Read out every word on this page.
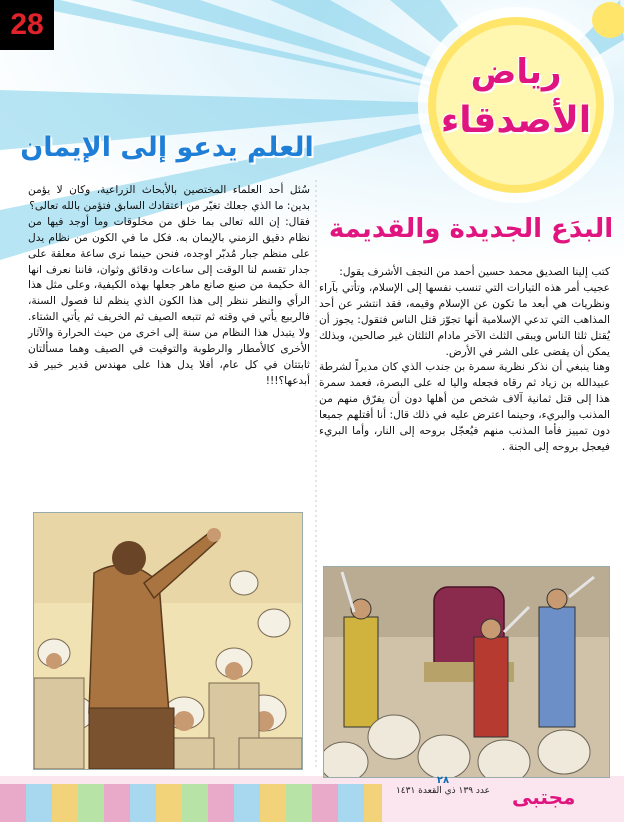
28
رياض
الأصدقاء
العلم يدعو إلى الإيمان
البدَع الجديدة والقديمة

سُئل أحد العلماء المختصين بالأبحاث الزراعية، وكان لا يؤمن بدين: ما الذي جعلك تغيّر من اعتقادك السابق فتؤمن بالله تعالى؟

فقال: إن الله تعالى بما خلق من مخلوقات وما أوجد فيها من نظام دقيق الزمني بالإيمان به. فكل ما في الكون من نظام يدل على منظم جبار مُدبّر اوجده، فنحن حينما نرى ساعة معلقة على جدار تقسم لنا الوقت إلى ساعات ودقائق وثوان، فاننا نعرف انها الة حكيمة من صنع صانع ماهر جعلها بهذه الكيفية، وعلى مثل هذا الرأي والنظر ننظر إلى هذا الكون الذي ينظم لنا فصول السنة، فالربيع يأتي في وقته ثم تتبعه الصيف ثم الخريف ثم يأتي الشتاء. ولا يتبدل هذا النظام من سنة إلى اخرى من حيث الحرارة والآثار الأخرى كالأمطار والرطوبة والتوقيت في الصيف وهما مسألتان ثابتتان في كل عام، أفلا يدل هذا على مهندس قدير خبير قد أبدعها؟!!!

كتب إلينا الصديق محمد حسين أحمد من النجف الأشرف يقول:

عجيب أمر هذه التيارات التي تنسب نفسها إلى الإسلام، وتأتي بآراء ونظريات هي أبعد ما تكون عن الإسلام وقيمه، فقد انتشر عن أحد المذاهب التي تدعي الإسلامية أنها تجوّز قتل الناس فتقول: يجوز أن يُقتل ثلثا الناس ويبقى الثلث الآخر مادام الثلثان غير صالحين، وبذلك يمكن أن يقضى على الشر في الأرض.

وهنا ينبغي أن نذكر نظرية سمرة بن جندب الذي كان مديراً لشرطة عبيدالله بن زياد ثم رقاه فجعله واليا له على البصرة، فعمد سمرة هذا إلى قتل ثمانية آلاف شخص من أهلها دون أن يفرّق منهم من المذنب والبريء، وحينما اعترض عليه في ذلك قال: أنا أقتلهم جميعا دون تمييز فأما المذنب منهم فيُعجّل بروحه إلى النار، وأما البريء فيعجل بروحه إلى الجنة .

مجتبى
٢٨
عدد ١٣٩ ذي القعدة ١٤٣١
